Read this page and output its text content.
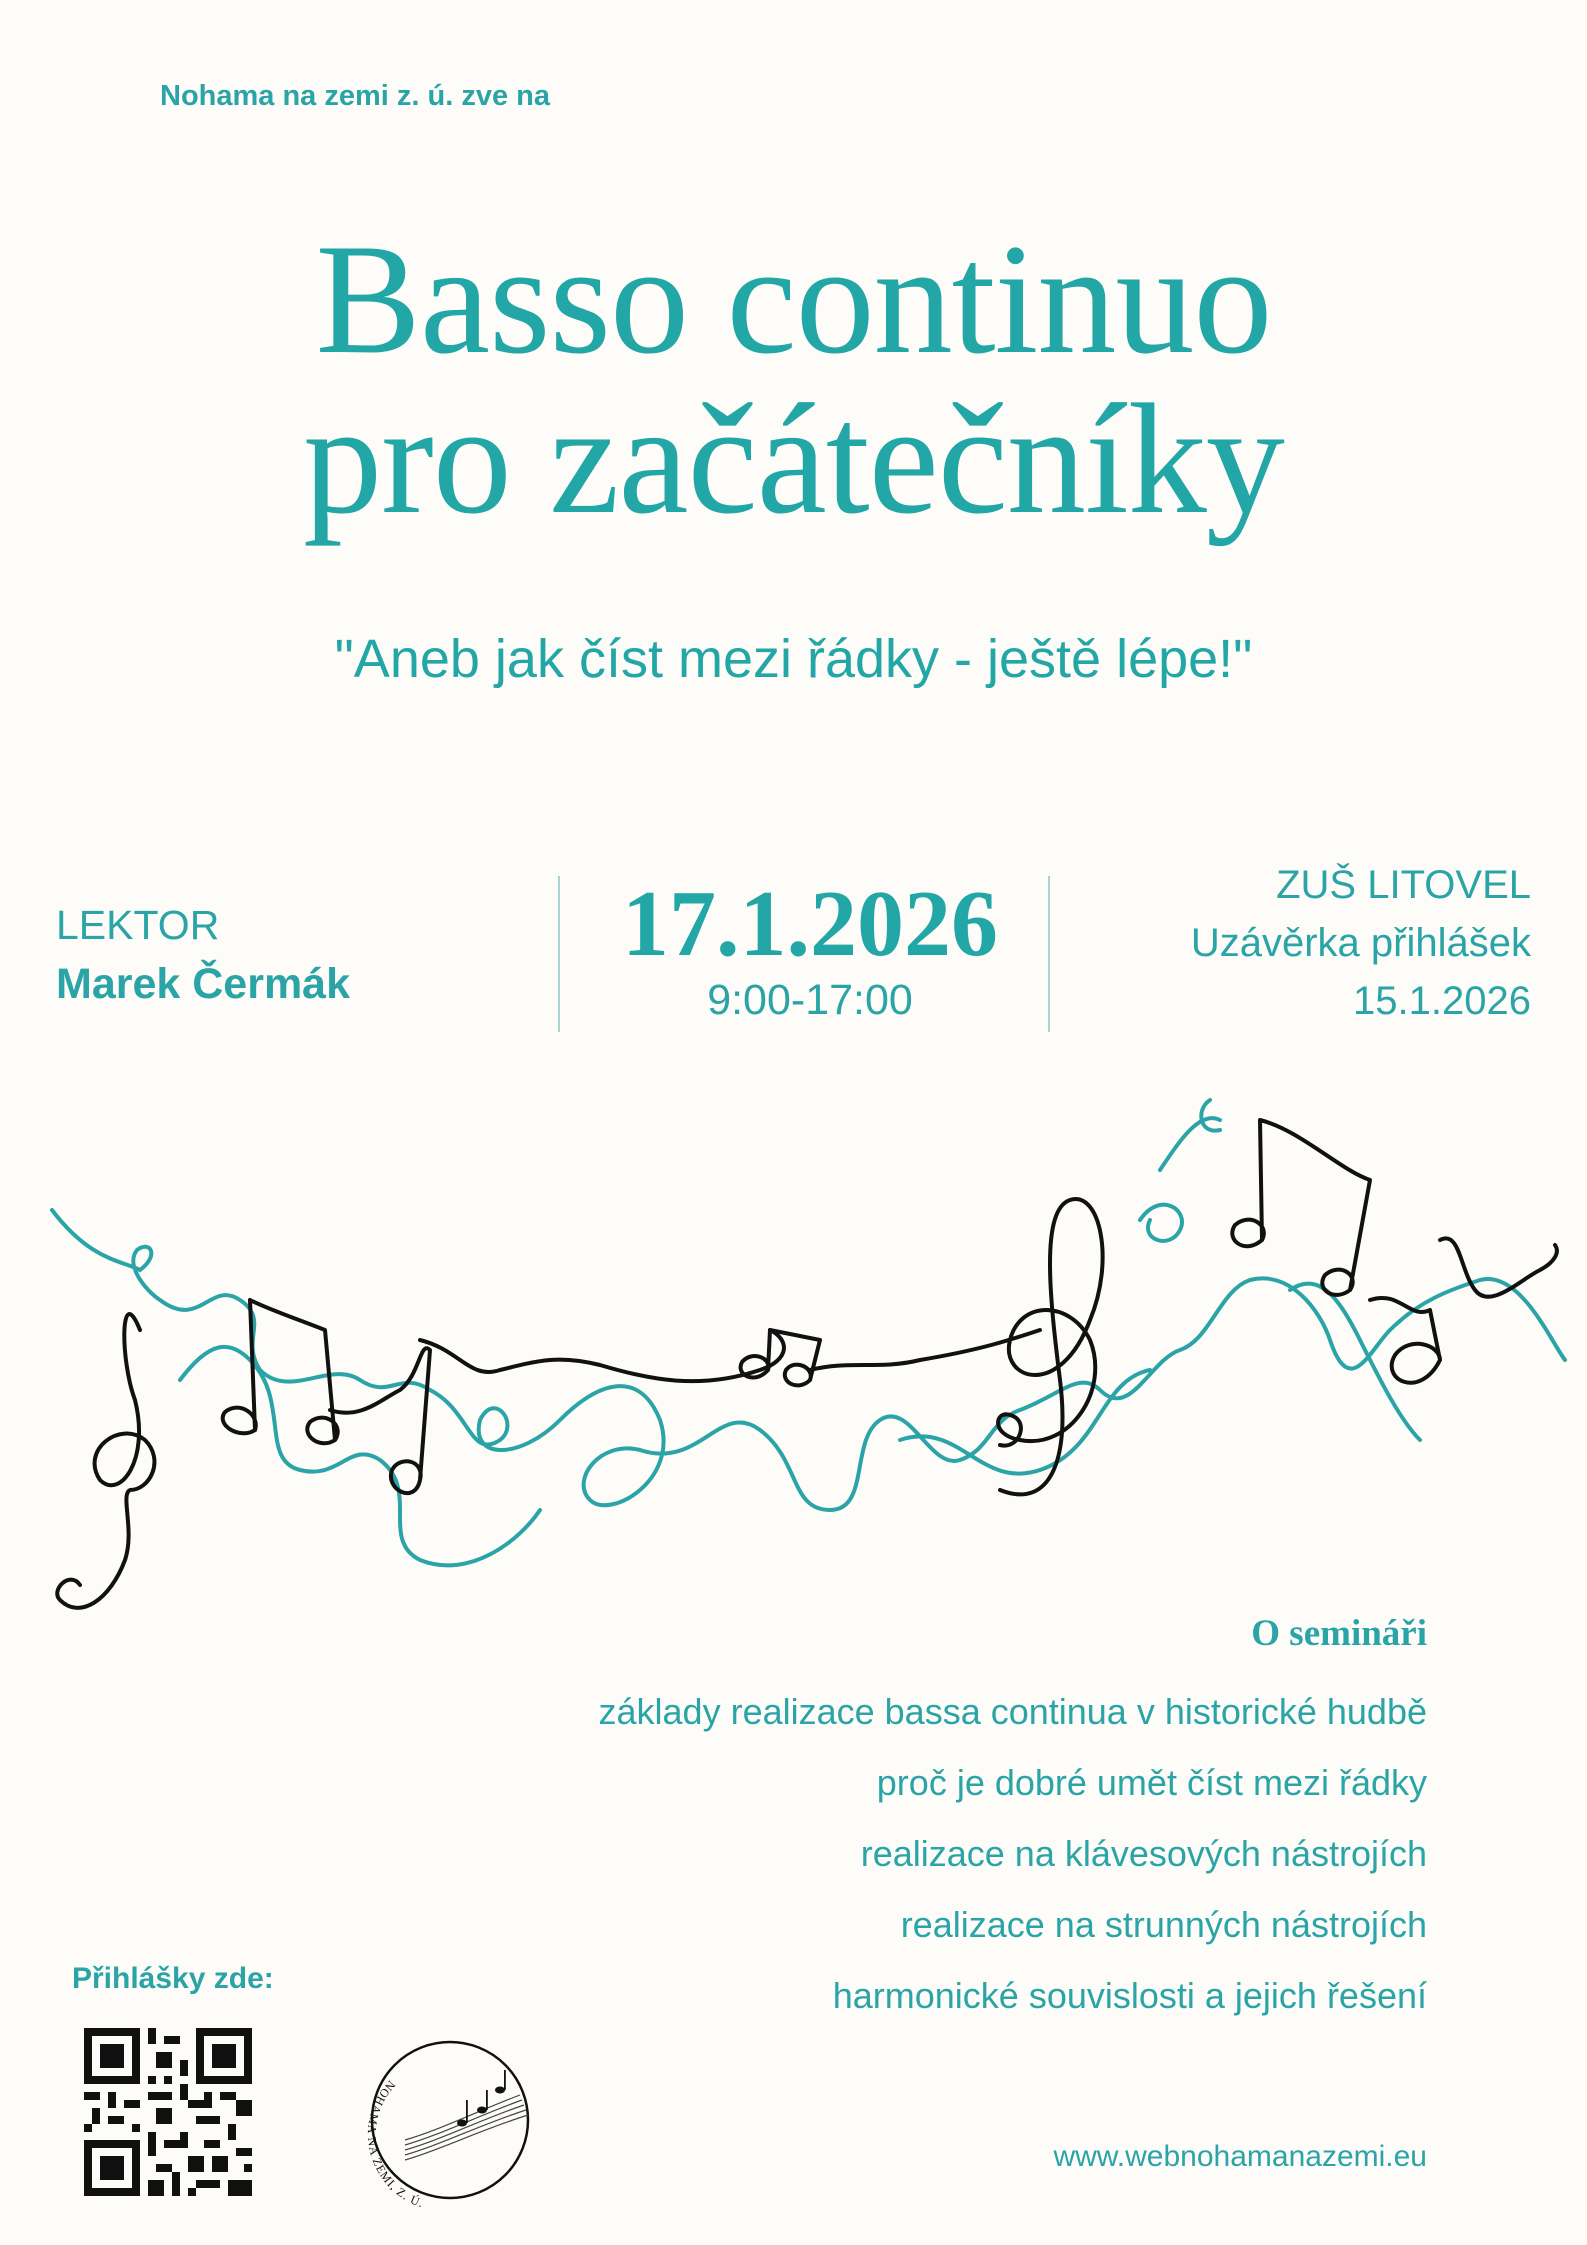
Nohama na zemi z. ú. zve na
Basso continuo
pro začátečníky
"Aneb jak číst mezi řádky - ještě lépe!"
LEKTOR
Marek Čermák
17.1.2026
9:00-17:00
ZUŠ LITOVEL
Uzávěrka přihlášek
15.1.2026
O semináři
základy realizace bassa continua v historické hudbě
proč je dobré umět číst mezi řádky
realizace na klávesových nástrojích
realizace na strunných nástrojích
harmonické souvislosti a jejich řešení
Přihlášky zde:
NOHAMA NA ZEMI, Z. Ú.
www.webnohamanazemi.eu
